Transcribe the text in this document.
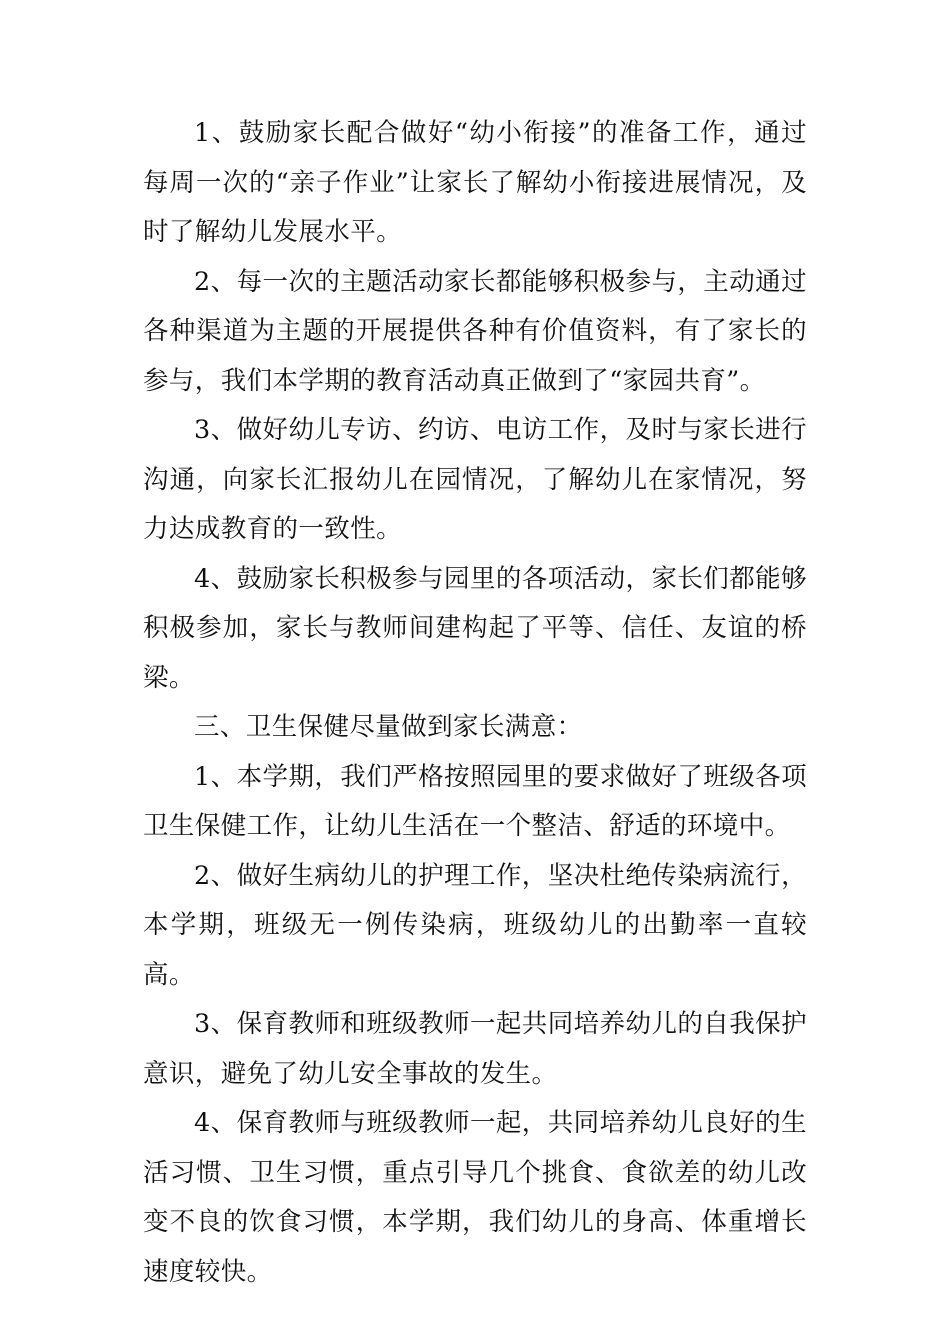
1、鼓励家长配合做好“幼小衔接”的准备工作，通过每周一次的“亲子作业”让家长了解幼小衔接进展情况，及时了解幼儿发展水平。

2、每一次的主题活动家长都能够积极参与，主动通过各种渠道为主题的开展提供各种有价值资料，有了家长的参与，我们本学期的教育活动真正做到了“家园共育”。

3、做好幼儿专访、约访、电访工作，及时与家长进行沟通，向家长汇报幼儿在园情况，了解幼儿在家情况，努力达成教育的一致性。

4、鼓励家长积极参与园里的各项活动，家长们都能够积极参加，家长与教师间建构起了平等、信任、友谊的桥梁。

三、卫生保健尽量做到家长满意：

1、本学期，我们严格按照园里的要求做好了班级各项卫生保健工作，让幼儿生活在一个整洁、舒适的环境中。

2、做好生病幼儿的护理工作，坚决杜绝传染病流行，本学期，班级无一例传染病，班级幼儿的出勤率一直较高。

3、保育教师和班级教师一起共同培养幼儿的自我保护意识，避免了幼儿安全事故的发生。

4、保育教师与班级教师一起，共同培养幼儿良好的生活习惯、卫生习惯，重点引导几个挑食、食欲差的幼儿改变不良的饮食习惯，本学期，我们幼儿的身高、体重增长速度较快。
